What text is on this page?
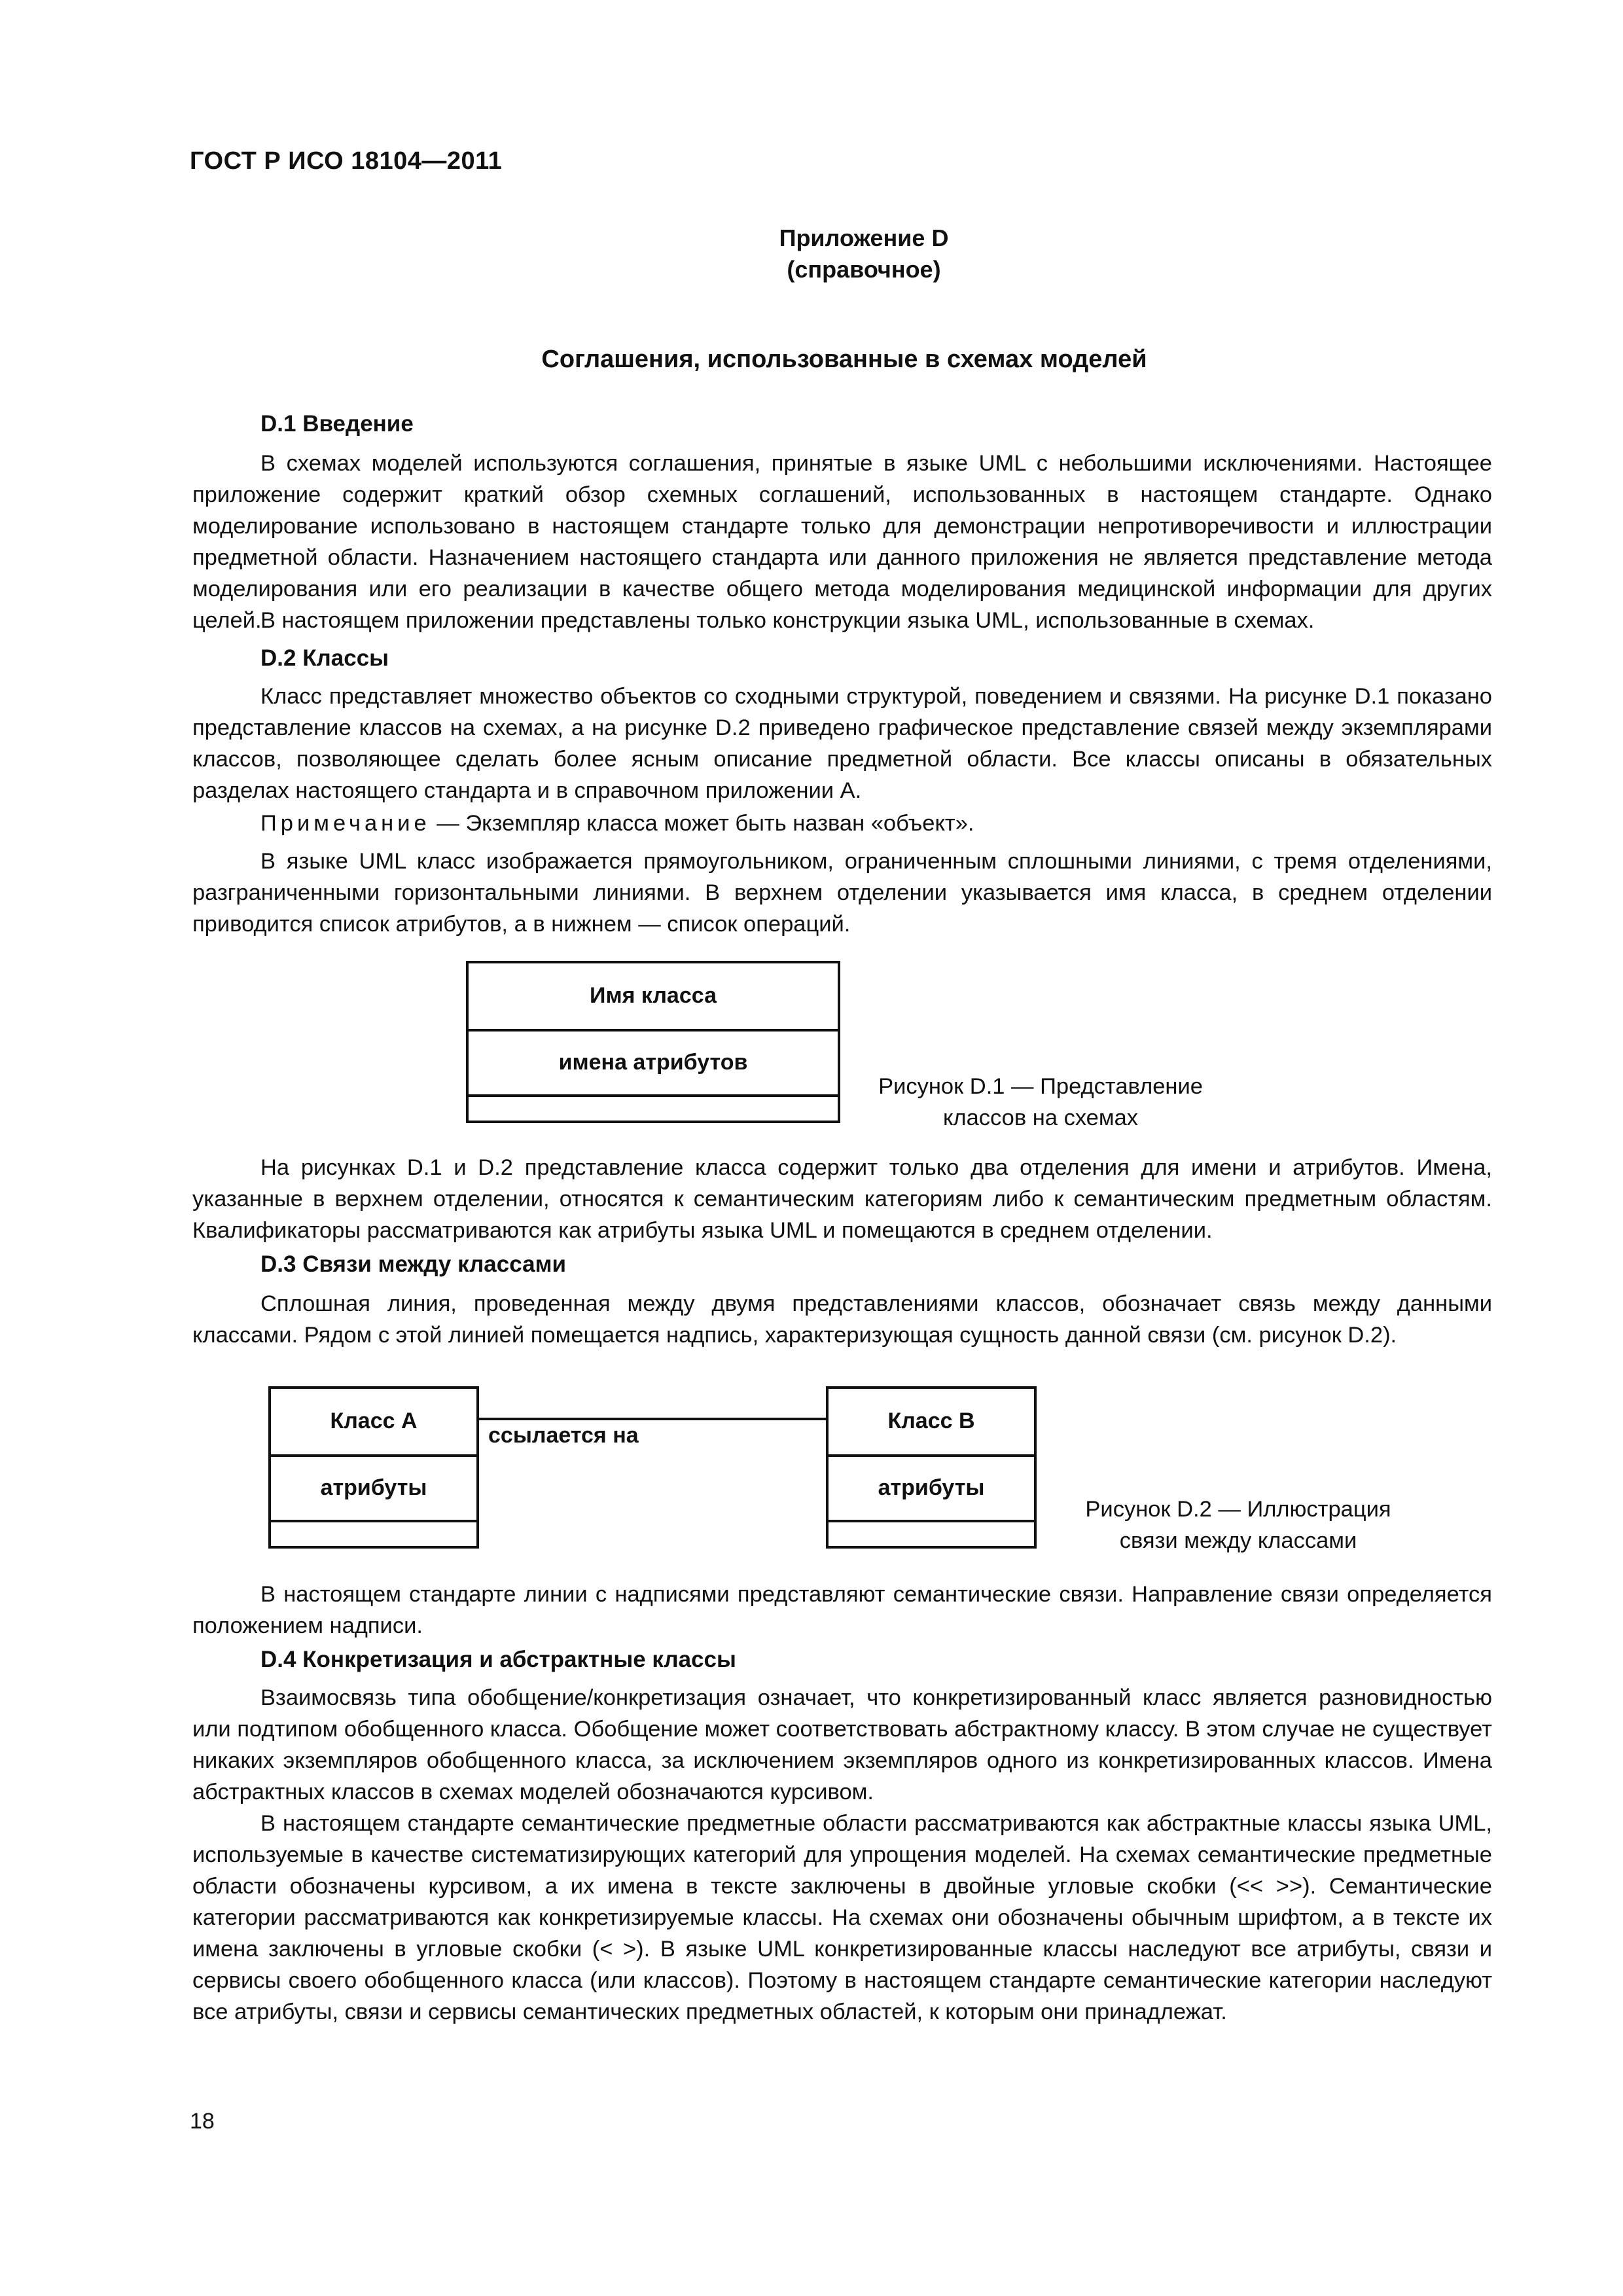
ГОСТ Р ИСО 18104—2011
Приложение D
(справочное)
Соглашения, использованные в схемах моделей
D.1 Введение

В схемах моделей используются соглашения, принятые в языке UML с небольшими исключениями. Настоящее приложение содержит краткий обзор схемных соглашений, использованных в настоящем стандарте. Однако моделирование использовано в настоящем стандарте только для демонстрации непротиворечивости и иллюстрации предметной области. Назначением настоящего стандарта или данного приложения не является представление метода моделирования или его реализации в качестве общего метода моделирования медицинской информации для других целей.

В настоящем приложении представлены только конструкции языка UML, использованные в схемах.

D.2 Классы

Класс представляет множество объектов со сходными структурой, поведением и связями. На рисунке D.1 показано представление классов на схемах, а на рисунке D.2 приведено графическое представление связей между экземплярами классов, позволяющее сделать более ясным описание предметной области. Все классы описаны в обязательных разделах настоящего стандарта и в справочном приложении А.

Примечание — Экземпляр класса может быть назван «объект».

В языке UML класс изображается прямоугольником, ограниченным сплошными линиями, с тремя отделениями, разграниченными горизонтальными линиями. В верхнем отделении указывается имя класса, в среднем отделении приводится список атрибутов, а в нижнем — список операций.

Имя класса
имена атрибутов
Рисунок D.1 — Представление
классов на схемах

На рисунках D.1 и D.2 представление класса содержит только два отделения для имени и атрибутов. Имена, указанные в верхнем отделении, относятся к семантическим категориям либо к семантическим предметным областям. Квалификаторы рассматриваются как атрибуты языка UML и помещаются в среднем отделении.

D.3 Связи между классами

Сплошная линия, проведенная между двумя представлениями классов, обозначает связь между данными классами. Рядом с этой линией помещается надпись, характеризующая сущность данной связи (см. рисунок D.2).

Класс А
атрибуты
ссылается на
Класс В
атрибуты
Рисунок D.2 — Иллюстрация
связи между классами

В настоящем стандарте линии с надписями представляют семантические связи. Направление связи определяется положением надписи.

D.4 Конкретизация и абстрактные классы

Взаимосвязь типа обобщение/конкретизация означает, что конкретизированный класс является разновидностью или подтипом обобщенного класса. Обобщение может соответствовать абстрактному классу. В этом случае не существует никаких экземпляров обобщенного класса, за исключением экземпляров одного из конкретизированных классов. Имена абстрактных классов в схемах моделей обозначаются курсивом.

В настоящем стандарте семантические предметные области рассматриваются как абстрактные классы языка UML, используемые в качестве систематизирующих категорий для упрощения моделей. На схемах семантические предметные области обозначены курсивом, а их имена в тексте заключены в двойные угловые скобки (<< >>). Семантические категории рассматриваются как конкретизируемые классы. На схемах они обозначены обычным шрифтом, а в тексте их имена заключены в угловые скобки (< >). В языке UML конкретизированные классы наследуют все атрибуты, связи и сервисы своего обобщенного класса (или классов). Поэтому в настоящем стандарте семантические категории наследуют все атрибуты, связи и сервисы семантических предметных областей, к которым они принадлежат.

18
